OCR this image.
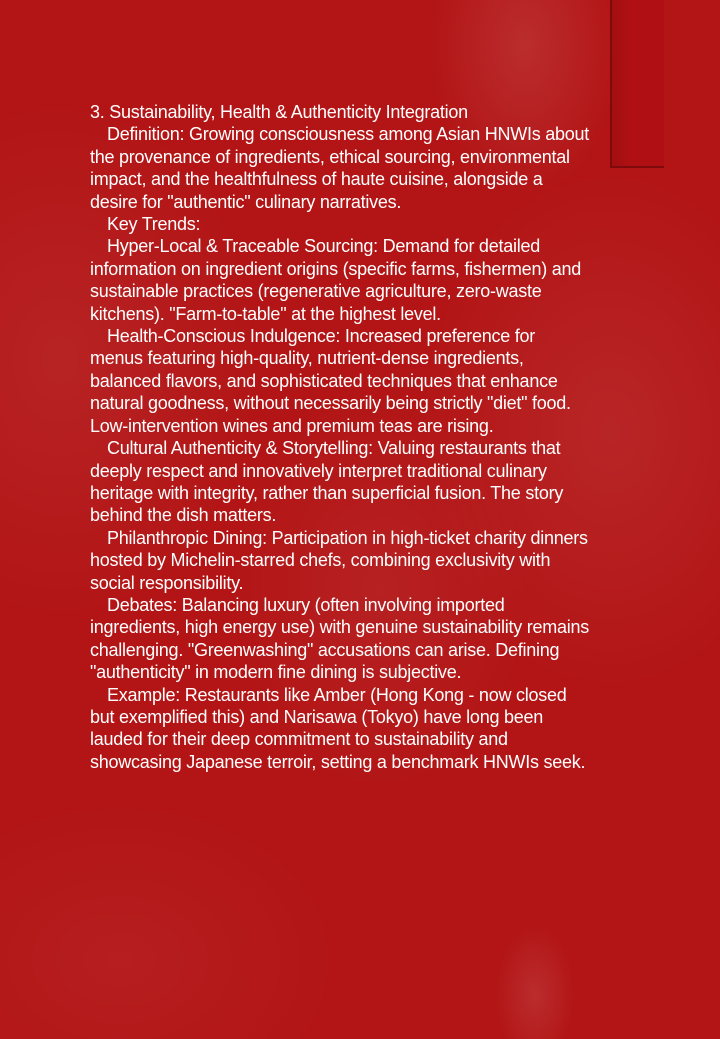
3. Sustainability, Health & Authenticity Integration

Definition: Growing consciousness among Asian HNWIs about the provenance of ingredients, ethical sourcing, environmental impact, and the healthfulness of haute cuisine, alongside a desire for "authentic" culinary narratives.

Key Trends:

Hyper-Local & Traceable Sourcing: Demand for detailed information on ingredient origins (specific farms, fishermen) and sustainable practices (regenerative agriculture, zero-waste kitchens). "Farm-to-table" at the highest level.

Health-Conscious Indulgence: Increased preference for menus featuring high-quality, nutrient-dense ingredients, balanced flavors, and sophisticated techniques that enhance natural goodness, without necessarily being strictly "diet" food. Low-intervention wines and premium teas are rising.

Cultural Authenticity & Storytelling: Valuing restaurants that deeply respect and innovatively interpret traditional culinary heritage with integrity, rather than superficial fusion. The story behind the dish matters.

Philanthropic Dining: Participation in high-ticket charity dinners hosted by Michelin-starred chefs, combining exclusivity with social responsibility.

Debates: Balancing luxury (often involving imported ingredients, high energy use) with genuine sustainability remains challenging. "Greenwashing" accusations can arise. Defining "authenticity" in modern fine dining is subjective.

Example: Restaurants like Amber (Hong Kong - now closed but exemplified this) and Narisawa (Tokyo) have long been lauded for their deep commitment to sustainability and showcasing Japanese terroir, setting a benchmark HNWIs seek.
